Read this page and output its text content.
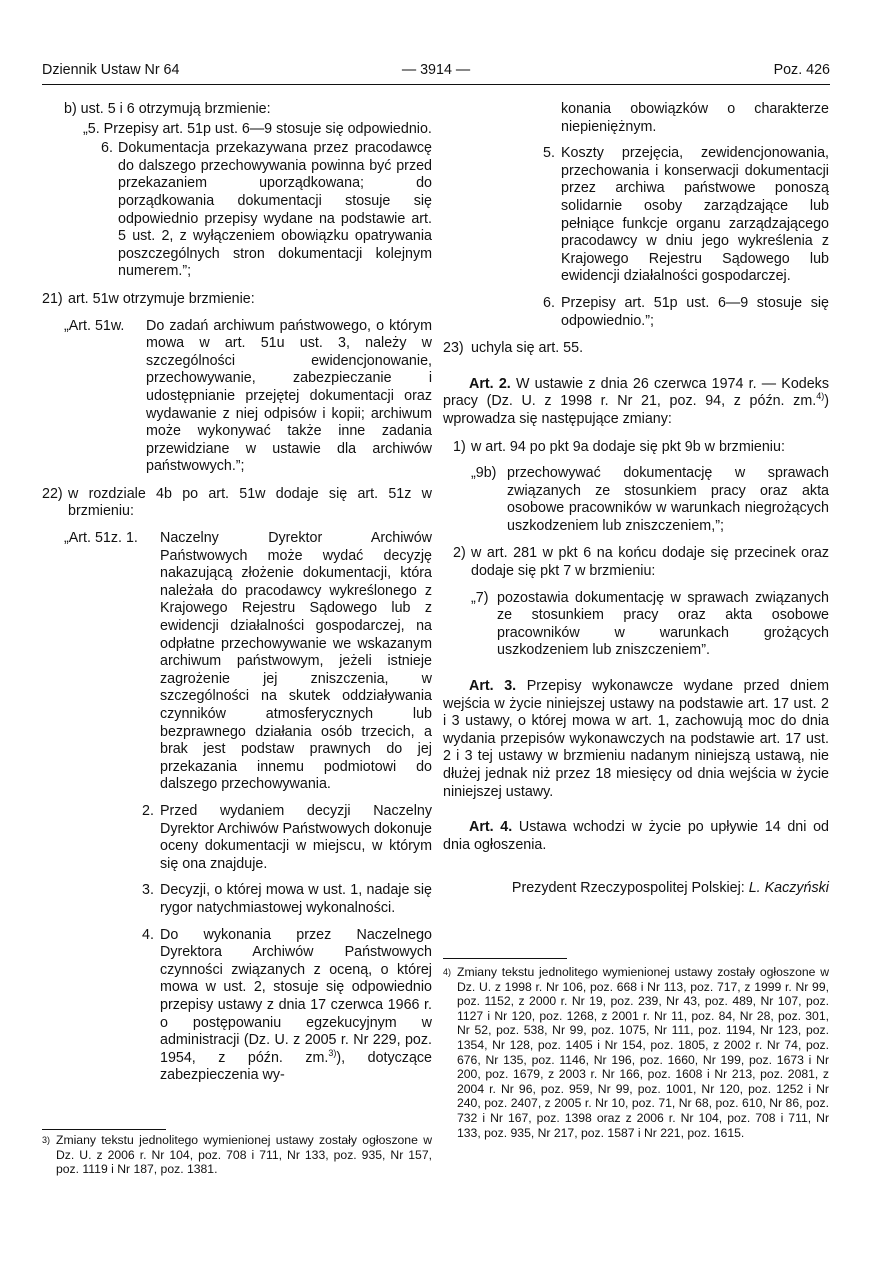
Dziennik Ustaw Nr 64	— 3914 —	Poz. 426

b) ust. 5 i 6 otrzymują brzmienie:

„5. Przepisy art. 51p ust. 6—9 stosuje się odpowiednio.

6. Dokumentacja przekazywana przez pracodawcę do dalszego przechowywania powinna być przed przekazaniem uporządkowana; do porządkowania dokumentacji stosuje się odpowiednio przepisy wydane na podstawie art. 5 ust. 2, z wyłączeniem obowiązku opatrywania poszczególnych stron dokumentacji kolejnym numerem.”;
21) art. 51w otrzymuje brzmienie:
„Art. 51w.	Do zadań archiwum państwowego, o którym mowa w art. 51u ust. 3, należy w szczególności ewidencjonowanie, przechowywanie, zabezpieczanie i udostępnianie przejętej dokumentacji oraz wydawanie z niej odpisów i kopii; archiwum może wykonywać także inne zadania przewidziane w ustawie dla archiwów państwowych.”;
22) w rozdziale 4b po art. 51w dodaje się art. 51z w brzmieniu:
„Art. 51z. 1.	Naczelny Dyrektor Archiwów Państwowych może wydać decyzję nakazującą złożenie dokumentacji, która należała do pracodawcy wykreślonego z Krajowego Rejestru Sądowego lub z ewidencji działalności gospodarczej, na odpłatne przechowywanie we wskazanym archiwum państwowym, jeżeli istnieje zagrożenie jej zniszczenia, w szczególności na skutek oddziaływania czynników atmosferycznych lub bezprawnego działania osób trzecich, a brak jest podstaw prawnych do jej przekazania innemu podmiotowi do dalszego przechowywania.
2. Przed wydaniem decyzji Naczelny Dyrektor Archiwów Państwowych dokonuje oceny dokumentacji w miejscu, w którym się ona znajduje.
3. Decyzji, o której mowa w ust. 1, nadaje się rygor natychmiastowej wykonalności.
4. Do wykonania przez Naczelnego Dyrektora Archiwów Państwowych czynności związanych z oceną, o której mowa w ust. 2, stosuje się odpowiednio przepisy ustawy z dnia 17 czerwca 1966 r. o postępowaniu egzekucyjnym w administracji (Dz. U. z 2005 r. Nr 229, poz. 1954, z późn. zm.$^{3)}$), dotyczące zabezpieczenia wy-
3) Zmiany tekstu jednolitego wymienionej ustawy zostały ogłoszone w Dz. U. z 2006 r. Nr 104, poz. 708 i 711, Nr 133, poz. 935, Nr 157, poz. 1119 i Nr 187, poz. 1381.

konania obowiązków o charakterze niepieniężnym.

5. Koszty przejęcia, zewidencjonowania, przechowania i konserwacji dokumentacji przez archiwa państwowe ponoszą solidarnie osoby zarządzające lub pełniące funkcje organu zarządzającego pracodawcy w dniu jego wykreślenia z Krajowego Rejestru Sądowego lub ewidencji działalności gospodarczej.
6. Przepisy art. 51p ust. 6—9 stosuje się odpowiednio.”;
23) uchyla się art. 55.

Art. 2. W ustawie z dnia 26 czerwca 1974 r. — Kodeks pracy (Dz. U. z 1998 r. Nr 21, poz. 94, z późn. zm.$^{4)}$) wprowadza się następujące zmiany:

1) w art. 94 po pkt 9a dodaje się pkt 9b w brzmieniu:
„9b) przechowywać dokumentację w sprawach związanych ze stosunkiem pracy oraz akta osobowe pracowników w warunkach niegrożących uszkodzeniem lub zniszczeniem,”;
2) w art. 281 w pkt 6 na końcu dodaje się przecinek oraz dodaje się pkt 7 w brzmieniu:
„7) pozostawia dokumentację w sprawach związanych ze stosunkiem pracy oraz akta osobowe pracowników w warunkach grożących uszkodzeniem lub zniszczeniem”.

Art. 3. Przepisy wykonawcze wydane przed dniem wejścia w życie niniejszej ustawy na podstawie art. 17 ust. 2 i 3 ustawy, o której mowa w art. 1, zachowują moc do dnia wydania przepisów wykonawczych na podstawie art. 17 ust. 2 i 3 tej ustawy w brzmieniu nadanym niniejszą ustawą, nie dłużej jednak niż przez 18 miesięcy od dnia wejścia w życie niniejszej ustawy.

Art. 4. Ustawa wchodzi w życie po upływie 14 dni od dnia ogłoszenia.

Prezydent Rzeczypospolitej Polskiej: L. Kaczyński

4) Zmiany tekstu jednolitego wymienionej ustawy zostały ogłoszone w Dz. U. z 1998 r. Nr 106, poz. 668 i Nr 113, poz. 717, z 1999 r. Nr 99, poz. 1152, z 2000 r. Nr 19, poz. 239, Nr 43, poz. 489, Nr 107, poz. 1127 i Nr 120, poz. 1268, z 2001 r. Nr 11, poz. 84, Nr 28, poz. 301, Nr 52, poz. 538, Nr 99, poz. 1075, Nr 111, poz. 1194, Nr 123, poz. 1354, Nr 128, poz. 1405 i Nr 154, poz. 1805, z 2002 r. Nr 74, poz. 676, Nr 135, poz. 1146, Nr 196, poz. 1660, Nr 199, poz. 1673 i Nr 200, poz. 1679, z 2003 r. Nr 166, poz. 1608 i Nr 213, poz. 2081, z 2004 r. Nr 96, poz. 959, Nr 99, poz. 1001, Nr 120, poz. 1252 i Nr 240, poz. 2407, z 2005 r. Nr 10, poz. 71, Nr 68, poz. 610, Nr 86, poz. 732 i Nr 167, poz. 1398 oraz z 2006 r. Nr 104, poz. 708 i 711, Nr 133, poz. 935, Nr 217, poz. 1587 i Nr 221, poz. 1615.
